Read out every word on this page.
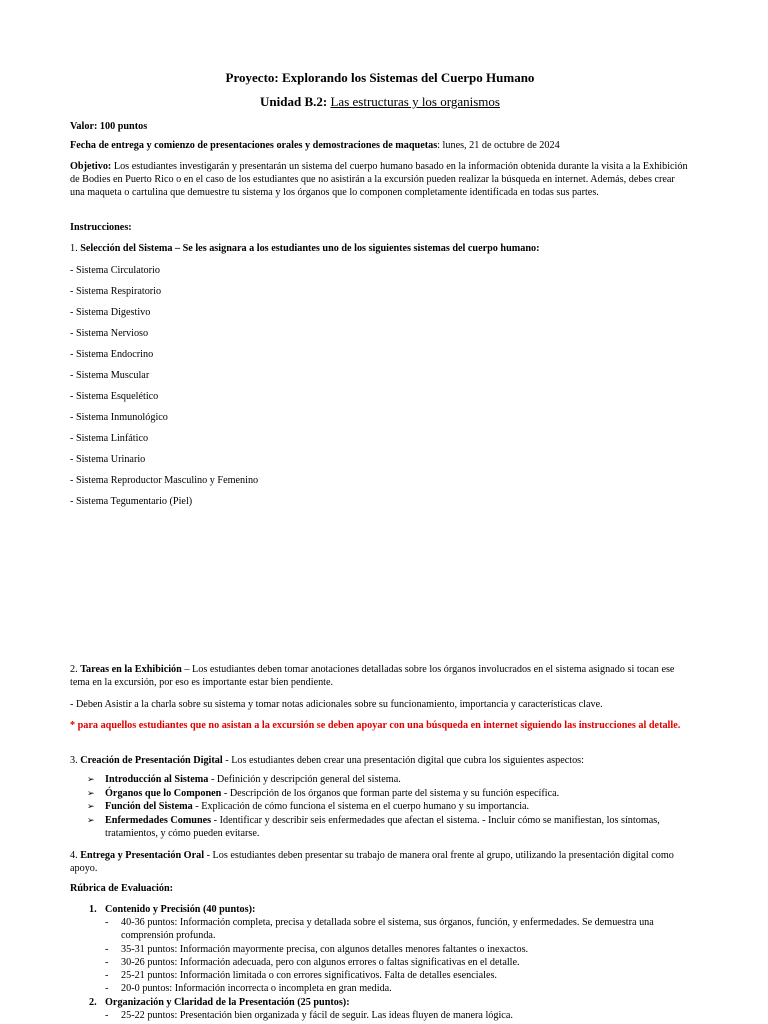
Proyecto: Explorando los Sistemas del Cuerpo Humano
Unidad B.2: Las estructuras y los organismos
Valor: 100 puntos
Fecha de entrega y comienzo de presentaciones orales y demostraciones de maquetas: lunes, 21 de octubre de 2024
Objetivo: Los estudiantes investigarán y presentarán un sistema del cuerpo humano basado en la información obtenida durante la visita a la Exhibición de Bodies en Puerto Rico o en el caso de los estudiantes que no asistirán a la excursión pueden realizar la búsqueda en internet. Además, debes crear una maqueta o cartulina que demuestre tu sistema y los órganos que lo componen completamente identificada en todas sus partes.
Instrucciones:
1. Selección del Sistema – Se les asignara a los estudiantes uno de los siguientes sistemas del cuerpo humano:
- Sistema Circulatorio
- Sistema Respiratorio
- Sistema Digestivo
- Sistema Nervioso
- Sistema Endocrino
- Sistema Muscular
- Sistema Esquelético
- Sistema Inmunológico
- Sistema Linfático
- Sistema Urinario
- Sistema Reproductor Masculino y Femenino
- Sistema Tegumentario (Piel)
2. Tareas en la Exhibición – Los estudiantes deben tomar anotaciones detalladas sobre los órganos involucrados en el sistema asignado si tocan ese tema en la excursión, por eso es importante estar bien pendiente.
- Deben Asistir a la charla sobre su sistema y tomar notas adicionales sobre su funcionamiento, importancia y características clave.
* para aquellos estudiantes que no asistan a la excursión se deben apoyar con una búsqueda en internet siguiendo las instrucciones al detalle.
3. Creación de Presentación Digital - Los estudiantes deben crear una presentación digital que cubra los siguientes aspectos:
➢ Introducción al Sistema - Definición y descripción general del sistema.
➢ Órganos que lo Componen - Descripción de los órganos que forman parte del sistema y su función específica.
➢ Función del Sistema - Explicación de cómo funciona el sistema en el cuerpo humano y su importancia.
➢ Enfermedades Comunes - Identificar y describir seis enfermedades que afectan el sistema. - Incluir cómo se manifiestan, los síntomas, tratamientos, y cómo pueden evitarse.
4. Entrega y Presentación Oral - Los estudiantes deben presentar su trabajo de manera oral frente al grupo, utilizando la presentación digital como apoyo.
Rúbrica de Evaluación:
1. Contenido y Precisión (40 puntos):
- 40-36 puntos: Información completa, precisa y detallada sobre el sistema, sus órganos, función, y enfermedades. Se demuestra una comprensión profunda.
- 35-31 puntos: Información mayormente precisa, con algunos detalles menores faltantes o inexactos.
- 30-26 puntos: Información adecuada, pero con algunos errores o faltas significativas en el detalle.
- 25-21 puntos: Información limitada o con errores significativos. Falta de detalles esenciales.
- 20-0 puntos: Información incorrecta o incompleta en gran medida.
2. Organización y Claridad de la Presentación (25 puntos):
- 25-22 puntos: Presentación bien organizada y fácil de seguir. Las ideas fluyen de manera lógica.
